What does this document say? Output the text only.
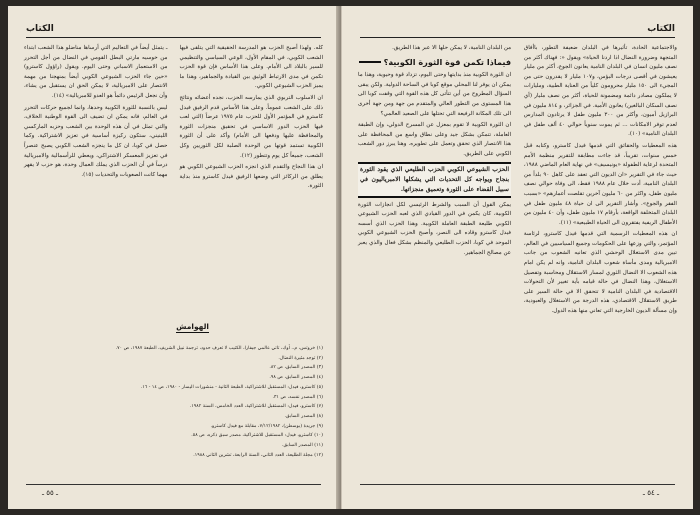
الكتاب

كله. ولهذا أصبح الحزب هو المدرسة الحقيقية التي يتلقى فيها الشعب الكوبي، في المقام الأول، الوعي السياسي والتنظيمي للسير بالبلاد الى الأمام. وعلى هذا الأساس فإن قوة الحزب تكمن في مدى الارتباط الوثيق بين القيادة والجماهير، وهذا ما يميز الحزب الشيوعي الكوبي.

ان الاسلوب التربوي الذي يمارسه الحزب، نجده أعضائه ونتائج ذلك على الشعب عموماً. وعلى هذا الأساس قدم الرفيق فيدل كاسترو في المؤتمر الأول للحزب عام ١٩٧٥ عرضاً (التي لعب فيها الحزب الدور الاساسي في تحقيق منجزات الثورة والمحافظة عليها ودفعها الى الأمام) وأكد على أن الثورة الكوبية تستمد قوتها من الوحدة الصلبة لكل الثوريين وكل الشعب، جميعاً كل يوم وتتطور (١٢).

ان هذا النجاح والتقدم الذي انجزه الحزب الشيوعي الكوبي هو يطلق من الركائز التي وضعها الرفيق فيدل كاسترو منذ بداية الثورة.

ـ يتمثل أيضاً في التعاليم التي أرساها مناضلو هذا الشعب ابتداء من خوسيه مارتي البطل القومي في النضال من أجل التحرر من الاستعمار الاسباني وحتى اليوم. ويقول (راؤول كاسترو) «حين جاء الحزب الشيوعي الكوبي أيضاً بمنهجنا من مهمة الانتصار على الامبريالية، لا يمكن الحق ان يستقبل من يشاء، وأن نجعل الرئيس دائماً هو العدو للامبريالية» (١٤).

ليس بالنسبة للثورة الكوبية وحدها، وانما لجميع حركات التحرر في العالم، فانه يمكن ان تضيف الى القوة الوطنية الخلاف، والتي تمثل في أن هذه الوحدة بين الشعب وحزبه الماركسي اللينيني، ستكون ركيزة أساسية في تعزيز الاشتراكية. وكما حصل في كوبا، ان كل ما ينجزه الشعب الكوبي يصبح عنصراً في تعزيز المعسكر الاشتراكي، ويعطي للرأسمالية والامبريالية درساً في أن الحزب الذي يملك العمال وحدة، هو حزب لا يقهر مهما كانت الصعوبات والتحديات (١٥).

الهوامش
(١) خروتس، م.. أوك، تاتي عالمي جيفارا، الكتيب لا تعرف حدود، ترجمة نبيل الشريف، الطبعة ١٩٨٧، ص ٧٠.
(٢) توجد مثيرة النضال.
(٣) المصدر السابق، ص ٨٢.
(٤) المصدر السابق، ص ٩٨.
(٥) كاسترو، فيدل: المستقبل للاشتراكية، الطبعة الثانية - منشورات اليسار - ١٩٨٠، ص ١٤ - ١٦.
(٦) المصدر نفسه، ص ٣١.
(٧) كاسترو، فيدل: المستقبل للاشتراكية، العدد الخامس، السنة ١٩٨٢.
(٨) المصدر السابق.
(٩) جريدة (بوسطن)، ٧/١٢/١٩٨٢، مقابلة مع فيدل كاسترو.
(١٠) كاسترو، فيدل: المستقبل للاشتراكية، مصدر سبق ذكره، ص ٥٨.
(١١) المصدر السابق.
(١٢) مجلة الطليعة، العدد الثاني، السنة الرابعة، تشرين الثاني ١٩٨٨.
ـ ٥٥ ـ
الكتاب

والاجتماعية الحادة، تأثيرها في البلدان ضعيفة التطور، باأفاق المتجهة وضرورة النضال اذا اردنا الحياة» ويقول «: فهناك أكثر من نصف مليون انسان في البلدان النامية يعانون الجوع، أكثر من مليار يعيشون في أقصى درجات البؤس، و١٠٧ مليار لا يقدرون حتى من المجيء الى ١٥٠ مليار محرومون كلياً من العناية الطبية، ومليارات لا يملكون مصادر دائمة ومضمونة للحياة، أكثر من نصف مليار (أي نصف السكان البالغين) يعانون الأمية. في الجزائر، و ٨١٤ مليون في البرازيل أميون، وأكثر من ٣٠٠ مليون طفل لا يرتادون المدارس لعدم توفر الامكانات ... ثم يموت سنوياً حوالي ٤٠ ألف طفل في البلدان النامية» (١٠).

هذه المعطيات والحقائق التي قدمها فيدل كاسترو، وكتابه قبل خمس سنوات، تقريباً، قد جاءت مطابقة للتقرير منظمة الأمم المتحدة لرعاية الطفولة «يونيسيف» في نهاية العام الماضي ١٩٨٨، حيث جاء في التقرير «ان الديون التي تعقد على كاهل ٩٠ بلداً من البلدان النامية، أدت خلال عام ١٩٨٨ فقط، الى وفاة حوالي نصف مليون طفل، واكثر من ٦٠ مليون آخرين تقلصت أعمارهم» «بسبب الفقر والجوع». وأشار التقرير الى ان حياة ٤٨ مليون طفل في البلدان المتخلفة الواقعة، بأرقام ١٧ مليون طفل، وأن ٤٠ مليون من الأطفال الريفية يفتقرون الى الحياة الطبيعية» (١١).

ان هذه المعطيات الرسمية التي قدمها فيدل كاسترو، لرئاسة المؤتمر، والتي وزعها على الحكومات وجميع السياسيين في العالم، تبين مدى الاستغلال الوحشي الذي تعانيه الشعوب من جانب الامبريالية ومدى مأساة شعوب البلدان النامية، وانه لم يكن امام هذه الشعوب الا النضال الثوري لمسار الاستقلال ومحاسبة وتفصيل الاستغلال، وهذا النضال في حالة قيامه بأية تغيير لأن التحولات الاقتصادية في البلدان النامية لا تتحقق الا في حالة السير على طريق الاستقلال الاقتصادي، هذه الدرجة من الاستغلال والعبودية، وإن مسألة الديون الخارجية التي تعاني منها هذه الدول.

من البلدان النامية، لا يمكن حلها الا عبر هذا الطريق.

فيماذا تكمن قوة الثورة الكوبية؟

ان الثورة الكوبية منذ بدايتها وحتى اليوم، تزداد قوة وحيوية، وهذا ما يمكن ان يوفر لنا المحلي موقع كوبا في الساحة الدولية. ولكن يبقى السؤال المطروح من أين تتأتى كل هذه القوة التي وقفت كوبا الى هذا المستوى من التطور العالي والمتقدم من جهة ومن جهة أخرى الى تلك المكانة الرفيعة التي تحتلها على الصعيد العالمي؟

ان الثورة الكوبية لا تقوم بمعزل عن المسرح الدولي، وإن الطبقة العاملة، تتمكن بشكل جيد وعلى نطاق واسع من المحافظة على هذا الانتصار الذي تحقق وتعمل على تطويره. وهنا يبرز دور الشعب الكوبي على الطريق.

الحزب الشيوعي الكوبي الحزب الطليعي الذي يقود الثورة بنجاح ويواجه كل التحديات التي يشكلها الامبرياليون في سبيل القضاء على الثورة وتعميق منجزاتها.

يمكن القول أن السبب والشرط الرئيسي لكل انجازات الثورة الكوبية، كان يكمن في الدور القيادي الذي لعبه الحزب الشيوعي الكوبي طليعة الطبقة العاملة الكوبية. وهذا الحزب الذي أسسه فيدل كاسترو وقاده الى النصر، وأصبح الحزب الشيوعي الكوبي الموحد في كوبا، الحزب الطليعي والمنظم بشكل فعال والذي يعبر عن مصالح الجماهير.

ـ ٥٤ ـ
